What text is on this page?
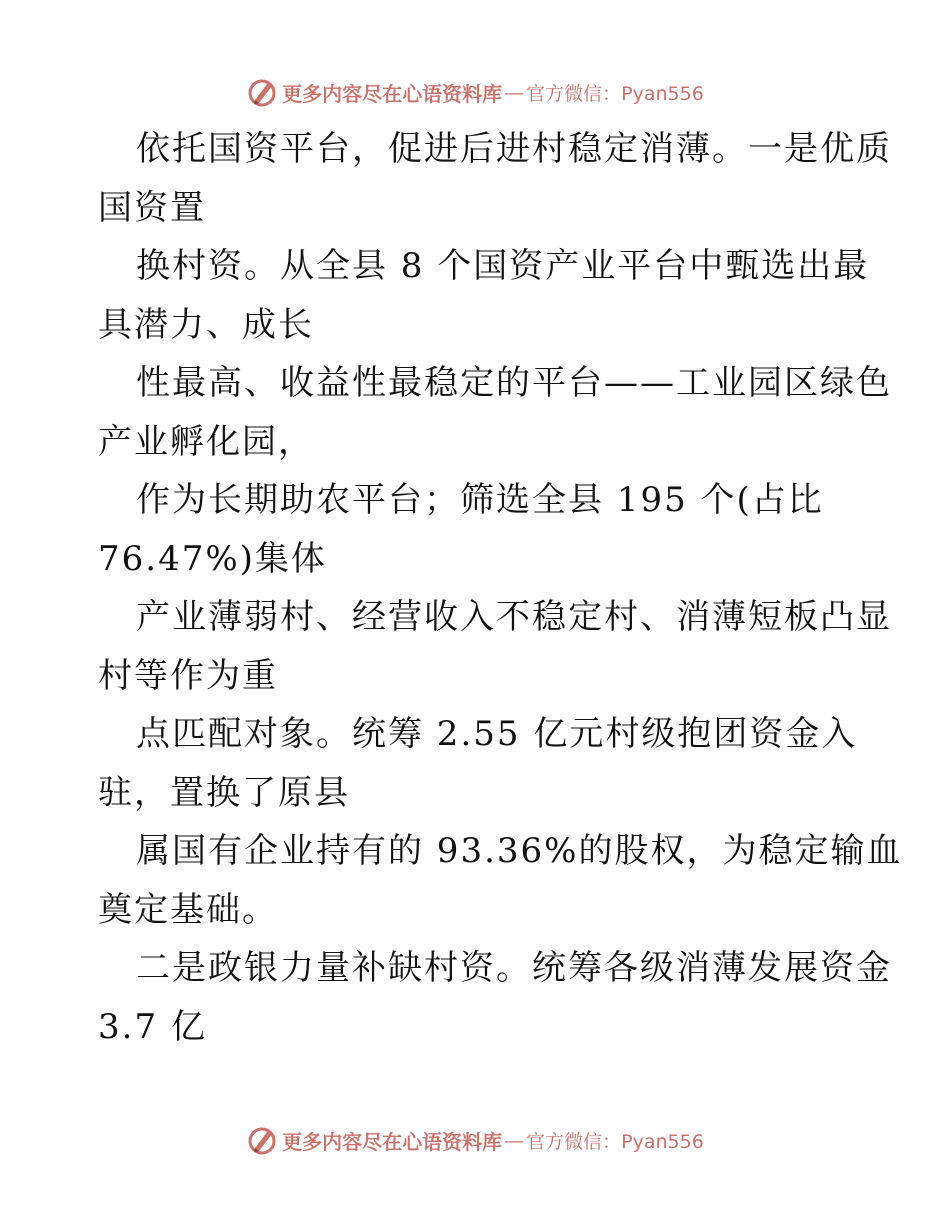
更多内容尽在心语资料库 — 官方微信：Pyan556
依托国资平台，促进后进村稳定消薄。一是优质
国资置
换村资。从全县 8 个国资产业平台中甄选出最
具潜力、成长
性最高、收益性最稳定的平台——工业园区绿色
产业孵化园，
作为长期助农平台；筛选全县 195 个(占比
76.47%)集体
产业薄弱村、经营收入不稳定村、消薄短板凸显
村等作为重
点匹配对象。统筹 2.55 亿元村级抱团资金入
驻，置换了原县
属国有企业持有的 93.36%的股权，为稳定输血
奠定基础。
二是政银力量补缺村资。统筹各级消薄发展资金
3.7 亿
更多内容尽在心语资料库 — 官方微信：Pyan556
